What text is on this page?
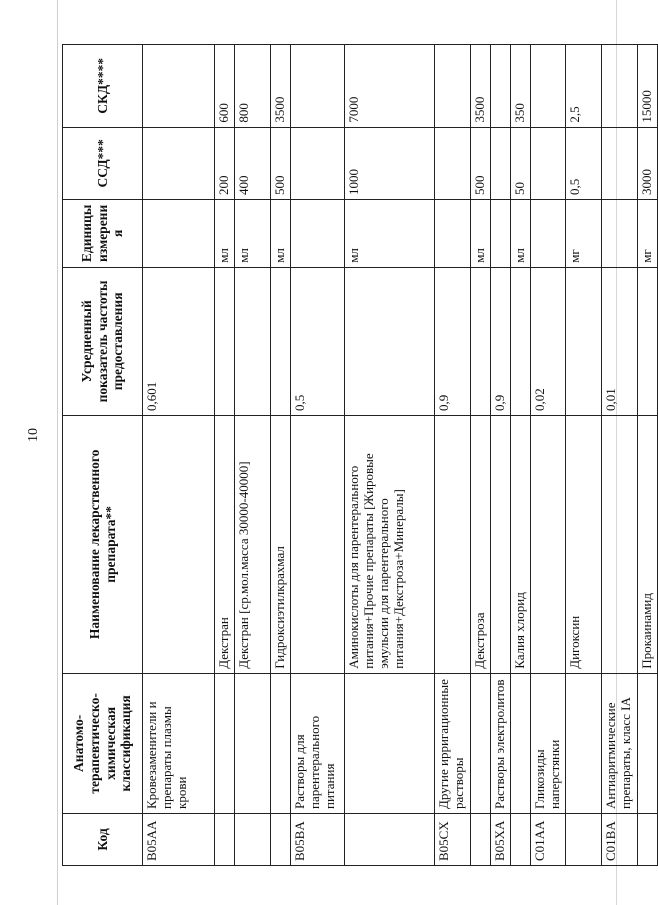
10
Код	Анатомо-терапевтическо-химическая классификация	Наименование лекарственного препарата**	Усредненный показатель частоты предоставления	Единицы измерения	ССД***	СКД****
B05AA	Кровезаменители и препараты плазмы крови		0,601			
		Декстран		мл	200	600
		Декстран [ср.мол.масса 30000-40000]		мл	400	800
		Гидроксиэтилкрахмал		мл	500	3500
B05BA	Растворы для парентерального питания		0,5			
		Аминокислоты для парентерального питания+Прочие препараты [Жировые эмульсии для парентерального питания+Декстроза+Минералы]		мл	1000	7000
B05CX	Другие ирригационные растворы		0,9			
		Декстроза		мл	500	3500
B05XA	Растворы электролитов		0,9			
		Калия хлорид		мл	50	350
C01AA	Гликозиды наперстянки		0,02			
		Дигоксин		мг	0,5	2,5
C01BA	Антиаритмические препараты, класс IA		0,01			
		Прокаинамид		мг	3000	15000
